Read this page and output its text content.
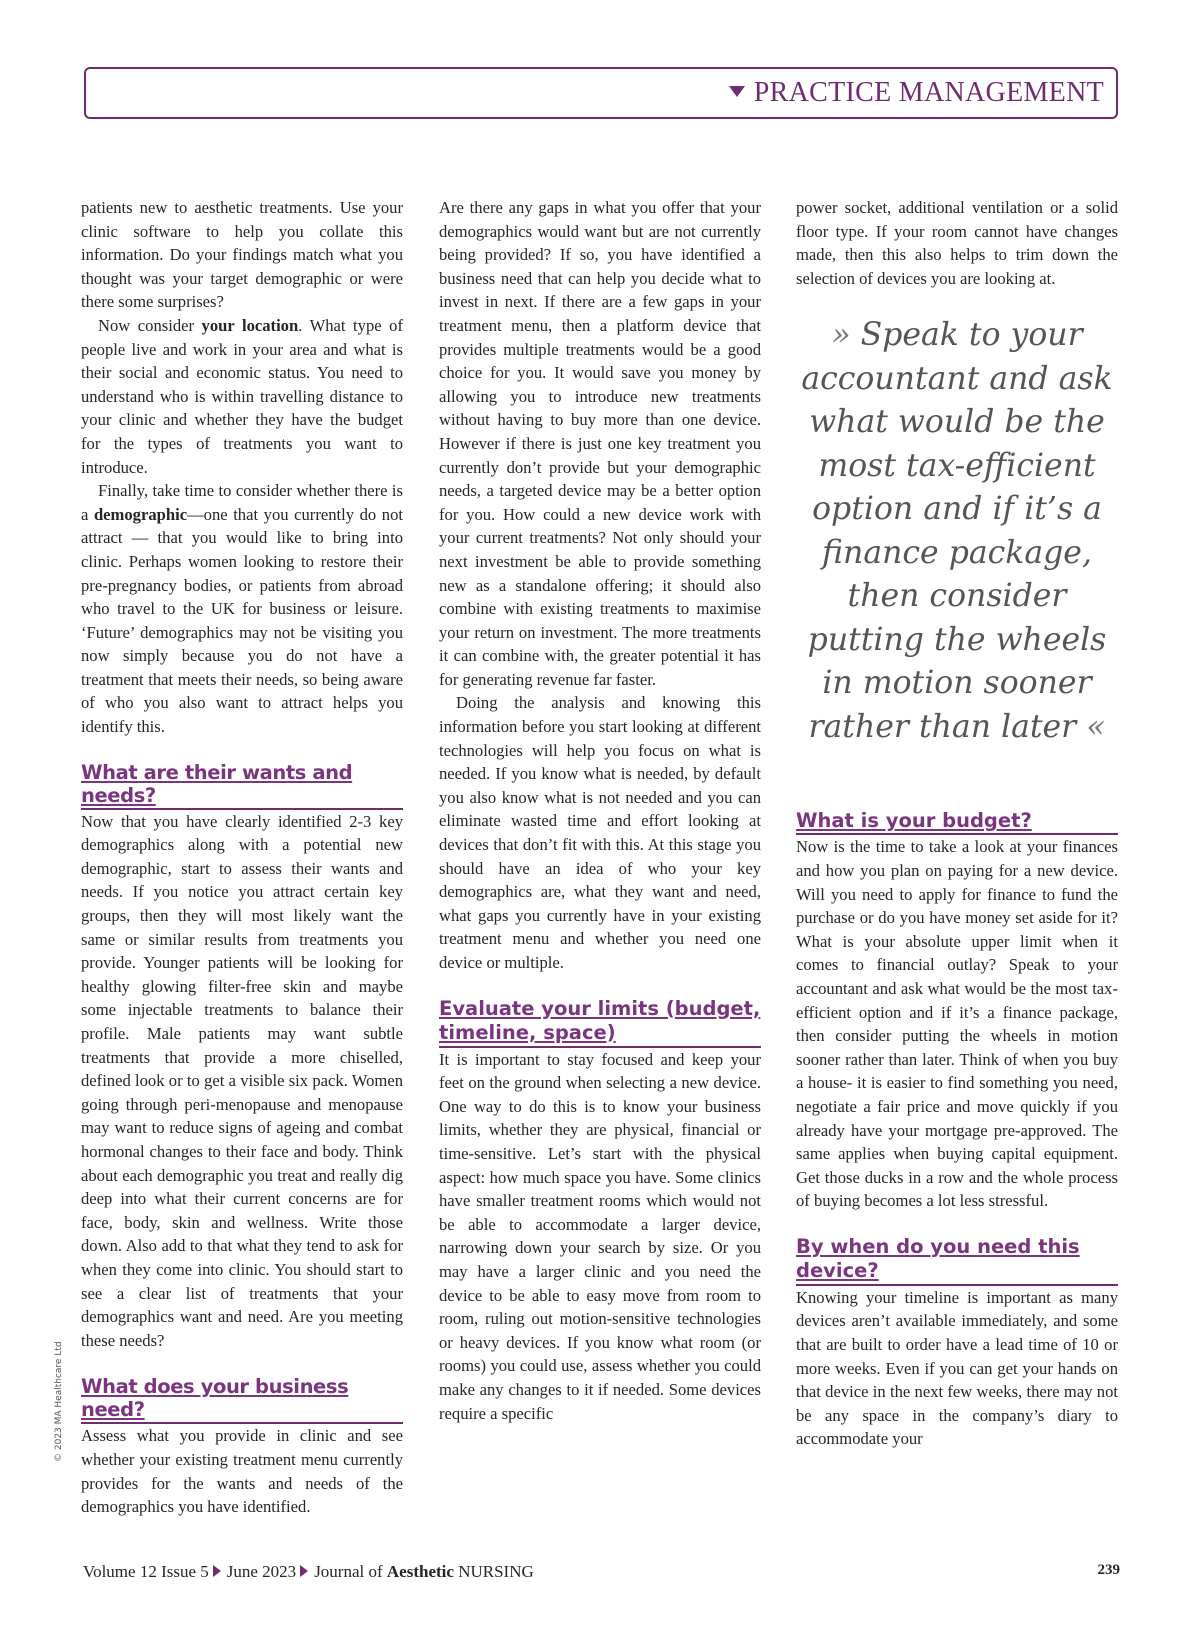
PRACTICE MANAGEMENT

patients new to aesthetic treatments. Use your clinic software to help you collate this information. Do your findings match what you thought was your target demographic or were there some surprises?

Now consider your location. What type of people live and work in your area and what is their social and economic status. You need to understand who is within travelling distance to your clinic and whether they have the budget for the types of treatments you want to introduce.

Finally, take time to consider whether there is a demographic—one that you currently do not attract — that you would like to bring into clinic. Perhaps women looking to restore their pre-pregnancy bodies, or patients from abroad who travel to the UK for business or leisure. ‘Future’ demographics may not be visiting you now simply because you do not have a treatment that meets their needs, so being aware of who you also want to attract helps you identify this.

What are their wants and needs?

Now that you have clearly identified 2-3 key demographics along with a potential new demographic, start to assess their wants and needs. If you notice you attract certain key groups, then they will most likely want the same or similar results from treatments you provide. Younger patients will be looking for healthy glowing filter-free skin and maybe some injectable treatments to balance their profile. Male patients may want subtle treatments that provide a more chiselled, defined look or to get a visible six pack. Women going through peri-menopause and menopause may want to reduce signs of ageing and combat hormonal changes to their face and body. Think about each demographic you treat and really dig deep into what their current concerns are for face, body, skin and wellness. Write those down. Also add to that what they tend to ask for when they come into clinic. You should start to see a clear list of treatments that your demographics want and need. Are you meeting these needs?

What does your business need?

Assess what you provide in clinic and see whether your existing treatment menu currently provides for the wants and needs of the demographics you have identified.

Are there any gaps in what you offer that your demographics would want but are not currently being provided? If so, you have identified a business need that can help you decide what to invest in next. If there are a few gaps in your treatment menu, then a platform device that provides multiple treatments would be a good choice for you. It would save you money by allowing you to introduce new treatments without having to buy more than one device. However if there is just one key treatment you currently don’t provide but your demographic needs, a targeted device may be a better option for you. How could a new device work with your current treatments? Not only should your next investment be able to provide something new as a standalone offering; it should also combine with existing treatments to maximise your return on investment. The more treatments it can combine with, the greater potential it has for generating revenue far faster.

Doing the analysis and knowing this information before you start looking at different technologies will help you focus on what is needed. If you know what is needed, by default you also know what is not needed and you can eliminate wasted time and effort looking at devices that don’t fit with this. At this stage you should have an idea of who your key demographics are, what they want and need, what gaps you currently have in your existing treatment menu and whether you need one device or multiple.

Evaluate your limits (budget, timeline, space)

It is important to stay focused and keep your feet on the ground when selecting a new device. One way to do this is to know your business limits, whether they are physical, financial or time-sensitive. Let’s start with the physical aspect: how much space you have. Some clinics have smaller treatment rooms which would not be able to accommodate a larger device, narrowing down your search by size. Or you may have a larger clinic and you need the device to be able to easy move from room to room, ruling out motion-sensitive technologies or heavy devices. If you know what room (or rooms) you could use, assess whether you could make any changes to it if needed. Some devices require a specific

power socket, additional ventilation or a solid floor type. If your room cannot have changes made, then this also helps to trim down the selection of devices you are looking at.

» Speak to your accountant and ask what would be the most tax-efficient option and if it’s a finance package, then consider putting the wheels in motion sooner rather than later «

What is your budget?

Now is the time to take a look at your finances and how you plan on paying for a new device. Will you need to apply for finance to fund the purchase or do you have money set aside for it? What is your absolute upper limit when it comes to financial outlay? Speak to your accountant and ask what would be the most tax-efficient option and if it’s a finance package, then consider putting the wheels in motion sooner rather than later. Think of when you buy a house- it is easier to find something you need, negotiate a fair price and move quickly if you already have your mortgage pre-approved. The same applies when buying capital equipment. Get those ducks in a row and the whole process of buying becomes a lot less stressful.

By when do you need this device?

Knowing your timeline is important as many devices aren’t available immediately, and some that are built to order have a lead time of 10 or more weeks. Even if you can get your hands on that device in the next few weeks, there may not be any space in the company’s diary to accommodate your

© 2023 MA Healthcare Ltd
Volume 12 Issue 5 June 2023 Journal of Aesthetic NURSING	239
